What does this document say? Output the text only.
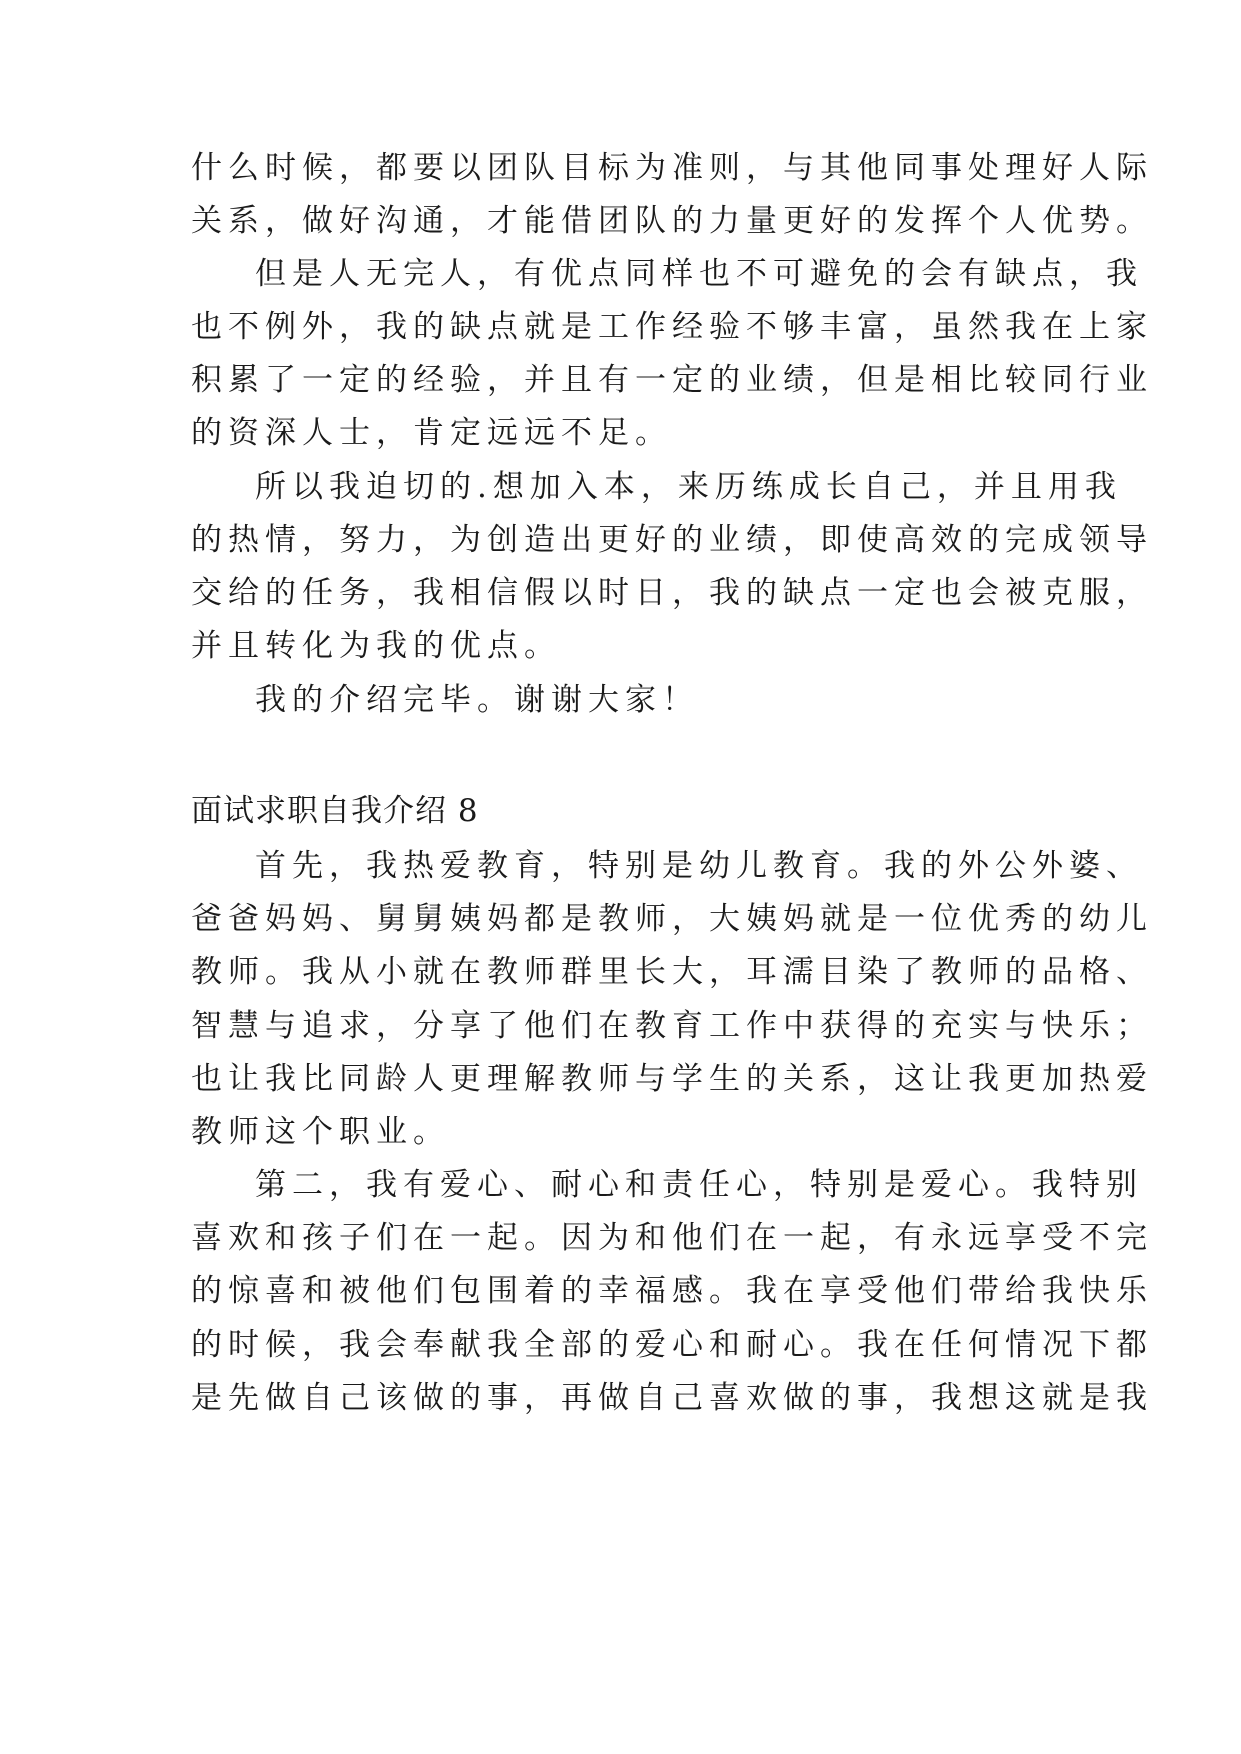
什么时候，都要以团队目标为准则，与其他同事处理好人际
关系，做好沟通，才能借团队的力量更好的发挥个人优势。
但是人无完人，有优点同样也不可避免的会有缺点，我
也不例外，我的缺点就是工作经验不够丰富，虽然我在上家
积累了一定的经验，并且有一定的业绩，但是相比较同行业
的资深人士，肯定远远不足。
所以我迫切的.想加入本，来历练成长自己，并且用我
的热情，努力，为创造出更好的业绩，即使高效的完成领导
交给的任务，我相信假以时日，我的缺点一定也会被克服，
并且转化为我的优点。
我的介绍完毕。谢谢大家！
面试求职自我介绍 8
首先，我热爱教育，特别是幼儿教育。我的外公外婆、
爸爸妈妈、舅舅姨妈都是教师，大姨妈就是一位优秀的幼儿
教师。我从小就在教师群里长大，耳濡目染了教师的品格、
智慧与追求，分享了他们在教育工作中获得的充实与快乐；
也让我比同龄人更理解教师与学生的关系，这让我更加热爱
教师这个职业。
第二，我有爱心、耐心和责任心，特别是爱心。我特别
喜欢和孩子们在一起。因为和他们在一起，有永远享受不完
的惊喜和被他们包围着的幸福感。我在享受他们带给我快乐
的时候，我会奉献我全部的爱心和耐心。我在任何情况下都
是先做自己该做的事，再做自己喜欢做的事，我想这就是我
